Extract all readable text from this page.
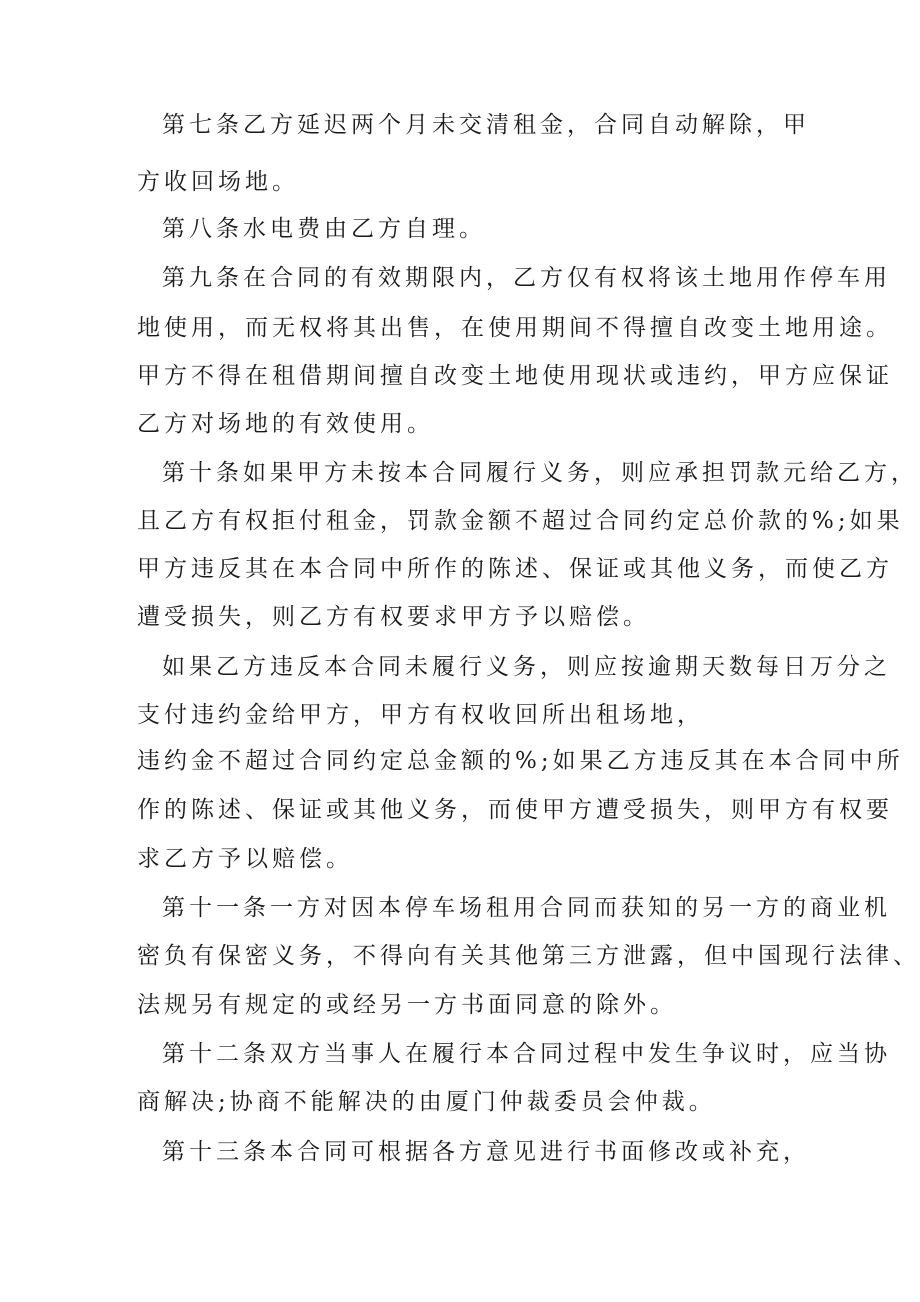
第七条乙方延迟两个月未交清租金，合同自动解除，甲
方收回场地。
第八条水电费由乙方自理。
第九条在合同的有效期限内，乙方仅有权将该土地用作停车用
地使用，而无权将其出售，在使用期间不得擅自改变土地用途。
甲方不得在租借期间擅自改变土地使用现状或违约，甲方应保证
乙方对场地的有效使用。
第十条如果甲方未按本合同履行义务，则应承担罚款元给乙方，
且乙方有权拒付租金，罚款金额不超过合同约定总价款的%;如果
甲方违反其在本合同中所作的陈述、保证或其他义务，而使乙方
遭受损失，则乙方有权要求甲方予以赔偿。
如果乙方违反本合同未履行义务，则应按逾期天数每日万分之
支付违约金给甲方，甲方有权收回所出租场地，
违约金不超过合同约定总金额的%;如果乙方违反其在本合同中所
作的陈述、保证或其他义务，而使甲方遭受损失，则甲方有权要
求乙方予以赔偿。
第十一条一方对因本停车场租用合同而获知的另一方的商业机
密负有保密义务，不得向有关其他第三方泄露，但中国现行法律、
法规另有规定的或经另一方书面同意的除外。
第十二条双方当事人在履行本合同过程中发生争议时，应当协
商解决;协商不能解决的由厦门仲裁委员会仲裁。
第十三条本合同可根据各方意见进行书面修改或补充，
